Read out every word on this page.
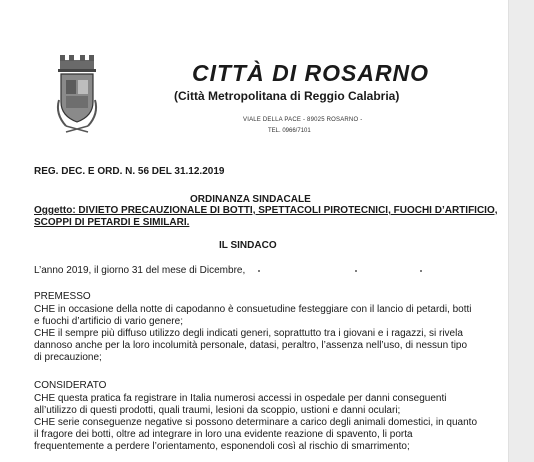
CITTÀ DI ROSARNO
(Città Metropolitana di Reggio Calabria)
VIALE DELLA PACE - 89025 ROSARNO -
TEL. 0966/7101
REG. DEC. E ORD. N. 56 DEL 31.12.2019
ORDINANZA SINDACALE
Oggetto: DIVIETO PRECAUZIONALE DI BOTTI, SPETTACOLI PIROTECNICI, FUOCHI D’ARTIFICIO,
SCOPPI DI PETARDI E SIMILARI.
IL SINDACO
L’anno 2019, il giorno 31 del mese di Dicembre,
PREMESSO
CHE in occasione della notte di capodanno è consuetudine festeggiare con il lancio di petardi, botti
e fuochi d’artificio di vario genere;
CHE il sempre più diffuso utilizzo degli indicati generi, soprattutto tra i giovani e i ragazzi, si rivela
dannoso anche per la loro incolumità personale, datasi, peraltro, l’assenza nell’uso, di nessun tipo
di precauzione;
CONSIDERATO
CHE questa pratica fa registrare in Italia numerosi accessi in ospedale per danni conseguenti
all’utilizzo di questi prodotti, quali traumi, lesioni da scoppio, ustioni e danni oculari;
CHE serie conseguenze negative si possono determinare a carico degli animali domestici, in quanto
il fragore dei botti, oltre ad integrare in loro una evidente reazione di spavento, li porta
frequentemente a perdere l’orientamento, esponendoli così al rischio di smarrimento;
